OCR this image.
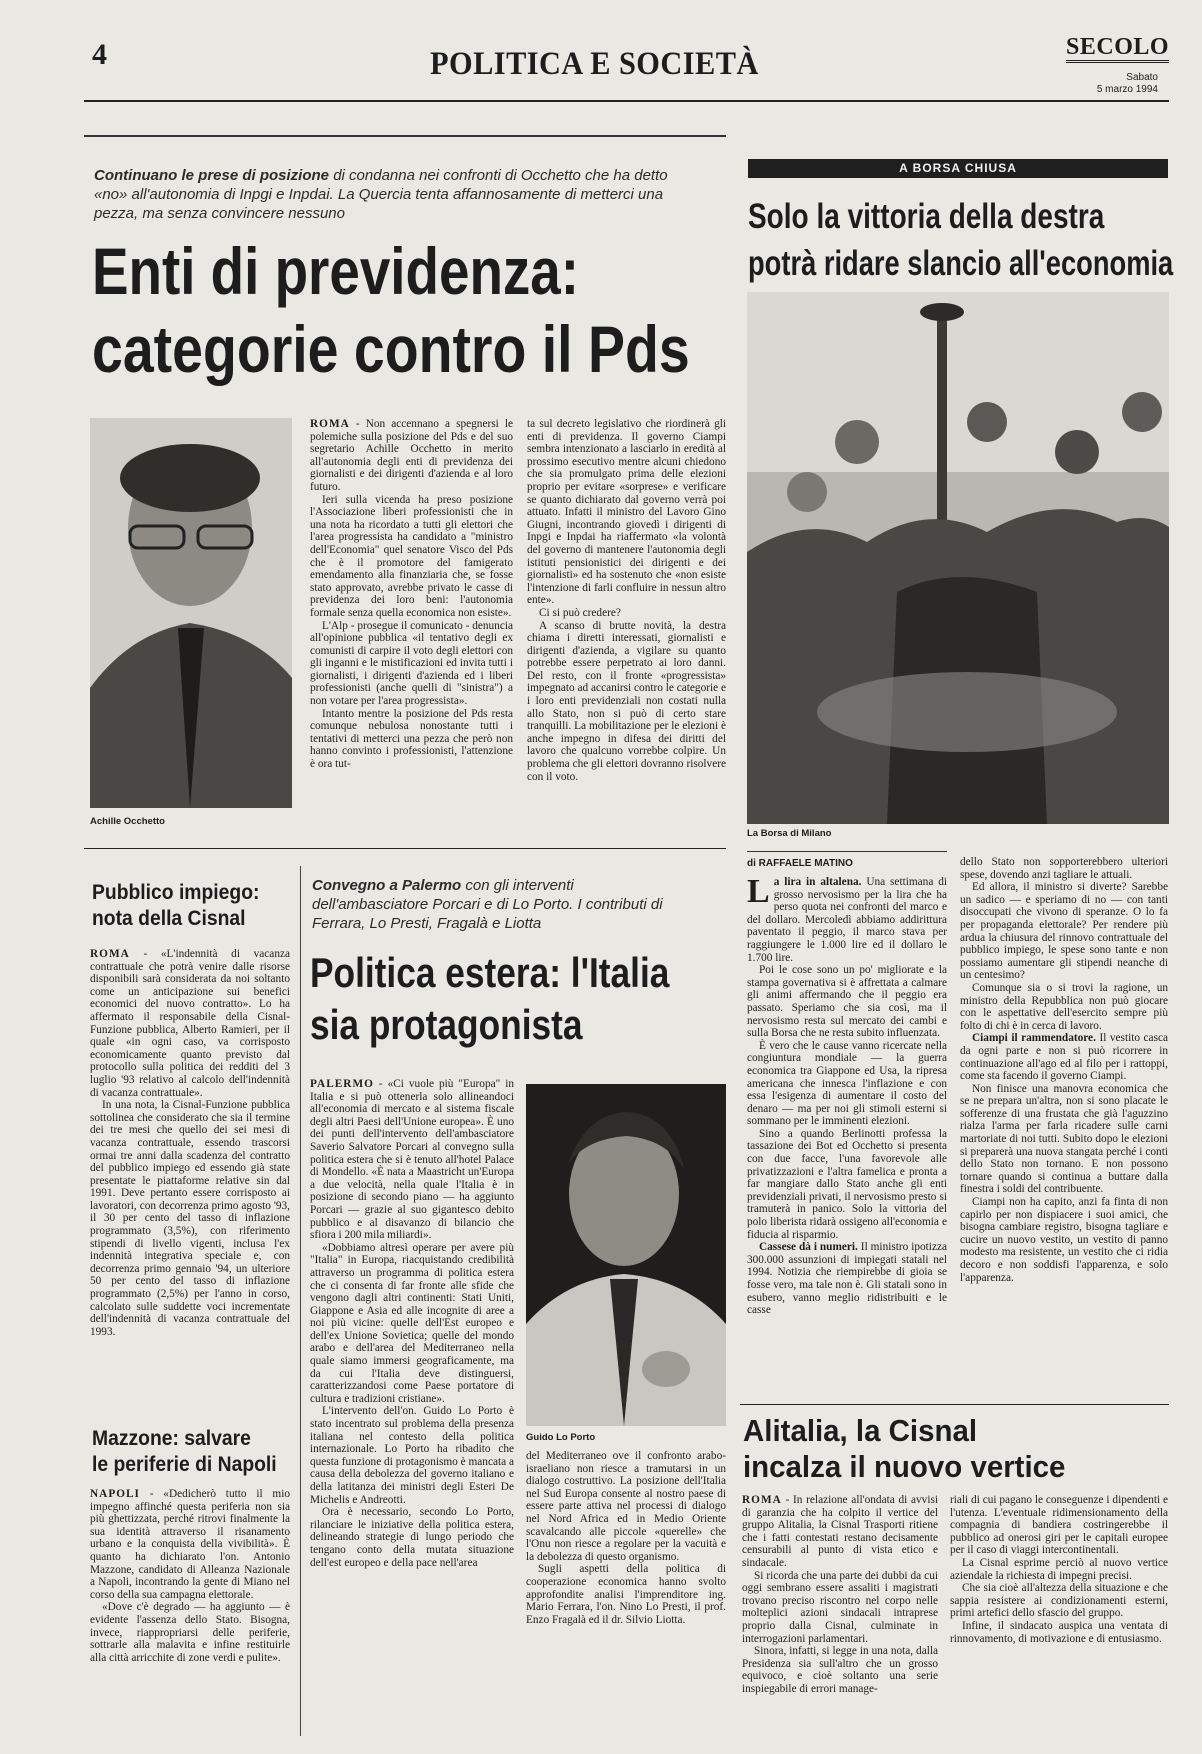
4	POLITICA E SOCIETÀ	SECOLO
Sabato
5 marzo 1994
Continuano le prese di posizione di condanna nei confronti di Occhetto che ha detto «no» all'autonomia di Inpgi e Inpdai. La Quercia tenta affannosamente di metterci una pezza, ma senza convincere nessuno
Enti di previdenza:
categorie contro il Pds
Achille Occhetto

ROMA - Non accennano a spegnersi le polemiche sulla posizione del Pds e del suo segretario Achille Occhetto in merito all'autonomia degli enti di previdenza dei giornalisti e dei dirigenti d'azienda e al loro futuro.

Ieri sulla vicenda ha preso posizione l'Associazione liberi professionisti che in una nota ha ricordato a tutti gli elettori che l'area progressista ha candidato a "ministro dell'Economia" quel senatore Visco del Pds che è il promotore del famigerato emendamento alla finanziaria che, se fosse stato approvato, avrebbe privato le casse di previdenza dei loro beni: l'autonomia formale senza quella economica non esiste».

L'Alp - prosegue il comunicato - denuncia all'opinione pubblica «il tentativo degli ex comunisti di carpire il voto degli elettori con gli inganni e le mistificazioni ed invita tutti i giornalisti, i dirigenti d'azienda ed i liberi professionisti (anche quelli di "sinistra") a non votare per l'area progressista».

Intanto mentre la posizione del Pds resta comunque nebulosa nonostante tutti i tentativi di metterci una pezza che però non hanno convinto i professionisti, l'attenzione è ora tut-

ta sul decreto legislativo che riordinerà gli enti di previdenza. Il governo Ciampi sembra intenzionato a lasciarlo in eredità al prossimo esecutivo mentre alcuni chiedono che sia promulgato prima delle elezioni proprio per evitare «sorprese» e verificare se quanto dichiarato dal governo verrà poi attuato. Infatti il ministro del Lavoro Gino Giugni, incontrando giovedì i dirigenti di Inpgi e Inpdai ha riaffermato «la volontà del governo di mantenere l'autonomia degli istituti pensionistici dei dirigenti e dei giornalisti» ed ha sostenuto che «non esiste l'intenzione di farli confluire in nessun altro ente».

Ci si può credere?

A scanso di brutte novità, la destra chiama i diretti interessati, giornalisti e dirigenti d'azienda, a vigilare su quanto potrebbe essere perpetrato ai loro danni. Del resto, con il fronte «progressista» impegnato ad accanirsi contro le categorie e i loro enti previdenziali non costati nulla allo Stato, non si può di certo stare tranquilli. La mobilitazione per le elezioni è anche impegno in difesa dei diritti del lavoro che qualcuno vorrebbe colpire. Un problema che gli elettori dovranno risolvere con il voto.

A BORSA CHIUSA
Solo la vittoria della destra
potrà ridare slancio all'economia
La Borsa di Milano
di RAFFAELE MATINO

La lira in altalena. Una settimana di grosso nervosismo per la lira che ha perso quota nei confronti del marco e del dollaro. Mercoledì abbiamo addirittura paventato il peggio, il marco stava per raggiungere le 1.000 lire ed il dollaro le 1.700 lire.

Poi le cose sono un po' migliorate e la stampa governativa si è affrettata a calmare gli animi affermando che il peggio era passato. Speriamo che sia così, ma il nervosismo resta sul mercato dei cambi e sulla Borsa che ne resta subito influenzata.

È vero che le cause vanno ricercate nella congiuntura mondiale — la guerra economica tra Giappone ed Usa, la ripresa americana che innesca l'inflazione e con essa l'esigenza di aumentare il costo del denaro — ma per noi gli stimoli esterni si sommano per le imminenti elezioni.

Sino a quando Berlinotti professa la tassazione dei Bot ed Occhetto si presenta con due facce, l'una favorevole alle privatizzazioni e l'altra famelica e pronta a far mangiare dallo Stato anche gli enti previdenziali privati, il nervosismo presto si tramuterà in panico. Solo la vittoria del polo liberista ridarà ossigeno all'economia e fiducia al risparmio.

Cassese dà i numeri. Il ministro ipotizza 300.000 assunzioni di impiegati statali nel 1994. Notizia che riempirebbe di gioia se fosse vero, ma tale non è. Gli statali sono in esubero, vanno meglio ridistribuiti e le casse

dello Stato non sopporterebbero ulteriori spese, dovendo anzi tagliare le attuali.

Ed allora, il ministro si diverte? Sarebbe un sadico — e speriamo di no — con tanti disoccupati che vivono di speranze. O lo fa per propaganda elettorale? Per rendere più ardua la chiusura del rinnovo contrattuale del pubblico impiego, le spese sono tante e non possiamo aumentare gli stipendi neanche di un centesimo?

Comunque sia o si trovi la ragione, un ministro della Repubblica non può giocare con le aspettative dell'esercito sempre più folto di chi è in cerca di lavoro.

Ciampi il rammendatore. Il vestito casca da ogni parte e non si può ricorrere in continuazione all'ago ed al filo per i rattoppi, come sta facendo il governo Ciampi.

Non finisce una manovra economica che se ne prepara un'altra, non si sono placate le sofferenze di una frustata che già l'aguzzino rialza l'arma per farla ricadere sulle carni martoriate di noi tutti. Subito dopo le elezioni si preparerà una nuova stangata perché i conti dello Stato non tornano. E non possono tornare quando si continua a buttare dalla finestra i soldi del contribuente.

Ciampi non ha capito, anzi fa finta di non capirlo per non dispiacere i suoi amici, che bisogna cambiare registro, bisogna tagliare e cucire un nuovo vestito, un vestito di panno modesto ma resistente, un vestito che ci ridia decoro e non soddisfi l'apparenza, e solo l'apparenza.

Pubblico impiego:
nota della Cisnal

ROMA - «L'indennità di vacanza contrattuale che potrà venire dalle risorse disponibili sarà considerata da noi soltanto come un anticipazione sui benefici economici del nuovo contratto». Lo ha affermato il responsabile della Cisnal-Funzione pubblica, Alberto Ramieri, per il quale «in ogni caso, va corrisposto economicamente quanto previsto dal protocollo sulla politica dei redditi del 3 luglio '93 relativo al calcolo dell'indennità di vacanza contrattuale».

In una nota, la Cisnal-Funzione pubblica sottolinea che considerato che sia il termine dei tre mesi che quello dei sei mesi di vacanza contrattuale, essendo trascorsi ormai tre anni dalla scadenza del contratto del pubblico impiego ed essendo già state presentate le piattaforme relative sin dal 1991. Deve pertanto essere corrisposto ai lavoratori, con decorrenza primo agosto '93, il 30 per cento del tasso di inflazione programmato (3,5%), con riferimento stipendi di livello vigenti, inclusa l'ex indennità integrativa speciale e, con decorrenza primo gennaio '94, un ulteriore 50 per cento del tasso di inflazione programmato (2,5%) per l'anno in corso, calcolato sulle suddette voci incrementate dell'indennità di vacanza contrattuale del 1993.

Mazzone: salvare
le periferie di Napoli

NAPOLI - «Dedicherò tutto il mio impegno affinché questa periferia non sia più ghettizzata, perché ritrovi finalmente la sua identità attraverso il risanamento urbano e la conquista della vivibilità». È quanto ha dichiarato l'on. Antonio Mazzone, candidato di Alleanza Nazionale a Napoli, incontrando la gente di Miano nel corso della sua campagna elettorale.

«Dove c'è degrado — ha aggiunto — è evidente l'assenza dello Stato. Bisogna, invece, riappropriarsi delle periferie, sottrarle alla malavita e infine restituirle alla città arricchite di zone verdi e pulite».

Convegno a Palermo con gli interventi dell'ambasciatore Porcari e di Lo Porto. I contributi di Ferrara, Lo Presti, Fragalà e Liotta
Politica estera: l'Italia
sia protagonista

PALERMO - «Ci vuole più "Europa" in Italia e si può ottenerla solo allineandoci all'economia di mercato e al sistema fiscale degli altri Paesi dell'Unione europea». È uno dei punti dell'intervento dell'ambasciatore Saverio Salvatore Porcari al convegno sulla politica estera che si è tenuto all'hotel Palace di Mondello. «È nata a Maastricht un'Europa a due velocità, nella quale l'Italia è in posizione di secondo piano — ha aggiunto Porcari — grazie al suo gigantesco debito pubblico e al disavanzo di bilancio che sfiora i 200 mila miliardi».

«Dobbiamo altresì operare per avere più "Italia" in Europa, riacquistando credibilità attraverso un programma di politica estera che ci consenta di far fronte alle sfide che vengono dagli altri continenti: Stati Uniti, Giappone e Asia ed alle incognite di aree a noi più vicine: quelle dell'Est europeo e dell'ex Unione Sovietica; quelle del mondo arabo e dell'area del Mediterraneo nella quale siamo immersi geograficamente, ma da cui l'Italia deve distinguersi, caratterizzandosi come Paese portatore di cultura e tradizioni cristiane».

L'intervento dell'on. Guido Lo Porto è stato incentrato sul problema della presenza italiana nel contesto della politica internazionale. Lo Porto ha ribadito che questa funzione di protagonismo è mancata a causa della debolezza del governo italiano e della latitanza dei ministri degli Esteri De Michelis e Andreotti.

Ora è necessario, secondo Lo Porto, rilanciare le iniziative della politica estera, delineando strategie di lungo periodo che tengano conto della mutata situazione dell'est europeo e della pace nell'area

Guido Lo Porto

del Mediterraneo ove il confronto arabo-israeliano non riesce a tramutarsi in un dialogo costruttivo. La posizione dell'Italia nel Sud Europa consente al nostro paese di essere parte attiva nel processi di dialogo nel Nord Africa ed in Medio Oriente scavalcando alle piccole «querelle» che l'Onu non riesce a regolare per la vacuità e la debolezza di questo organismo.

Sugli aspetti della politica di cooperazione economica hanno svolto approfondite analisi l'imprenditore ing. Mario Ferrara, l'on. Nino Lo Presti, il prof. Enzo Fragalà ed il dr. Silvio Liotta.

Alitalia, la Cisnal
incalza il nuovo vertice

ROMA - In relazione all'ondata di avvisi di garanzia che ha colpito il vertice del gruppo Alitalia, la Cisnal Trasporti ritiene che i fatti contestati restano decisamente censurabili al punto di vista etico e sindacale.

Si ricorda che una parte dei dubbi da cui oggi sembrano essere assaliti i magistrati trovano preciso riscontro nel corpo nelle molteplici azioni sindacali intraprese proprio dalla Cisnal, culminate in interrogazioni parlamentari.

Sinora, infatti, si legge in una nota, dalla Presidenza sia sull'altro che un grosso equivoco, e cioè soltanto una serie inspiegabile di errori manage-

riali di cui pagano le conseguenze i dipendenti e l'utenza. L'eventuale ridimensionamento della compagnia di bandiera costringerebbe il pubblico ad onerosi giri per le capitali europee per il caso di viaggi intercontinentali.

La Cisnal esprime perciò al nuovo vertice aziendale la richiesta di impegni precisi.

Che sia cioè all'altezza della situazione e che sappia resistere ai condizionamenti esterni, primi artefici dello sfascio del gruppo.

Infine, il sindacato auspica una ventata di rinnovamento, di motivazione e di entusiasmo.
